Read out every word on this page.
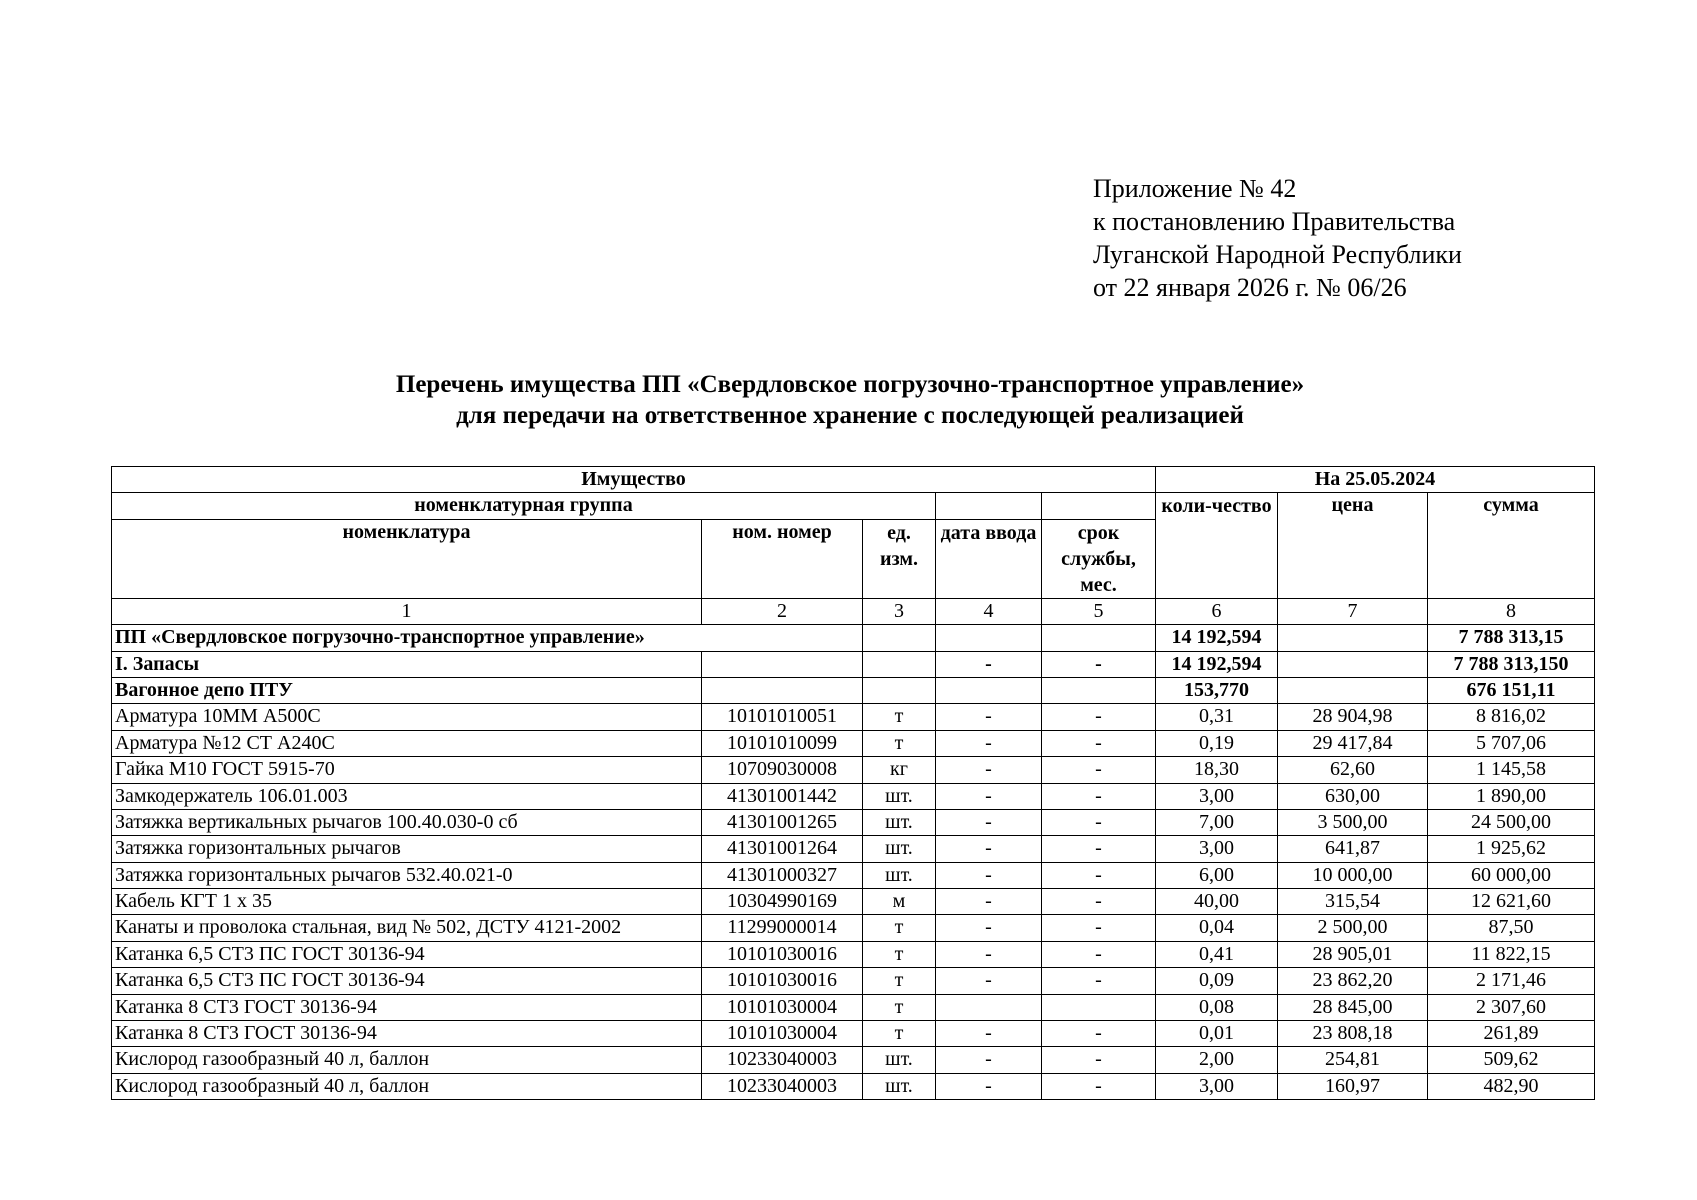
Приложение № 42
к постановлению Правительства
Луганской Народной Республики
от 22 января 2026 г. № 06/26
Перечень имущества ПП «Свердловское погрузочно-транспортное управление»
для передачи на ответственное хранение с последующей реализацией
Имущество					На 25.05.2024		
номенклатурная группа					коли-чество	цена	сумма
номенклатура	ном. номер	ед. изм.	дата ввода	срок службы, мес.			
1	2	3	4	5	6	7	8
ПП «Свердловское погрузочно-транспортное управление»					14 192,594		7 788 313,15
I. Запасы			-	-	14 192,594		7 788 313,150
Вагонное депо ПТУ					153,770		676 151,11
Арматура 10ММ А500С	10101010051	т	-	-	0,31	28 904,98	8 816,02
Арматура №12 СТ А240С	10101010099	т	-	-	0,19	29 417,84	5 707,06
Гайка М10 ГОСТ 5915-70	10709030008	кг	-	-	18,30	62,60	1 145,58
Замкодержатель 106.01.003	41301001442	шт.	-	-	3,00	630,00	1 890,00
Затяжка вертикальных рычагов 100.40.030-0 сб	41301001265	шт.	-	-	7,00	3 500,00	24 500,00
Затяжка горизонтальных рычагов	41301001264	шт.	-	-	3,00	641,87	1 925,62
Затяжка горизонтальных рычагов 532.40.021-0	41301000327	шт.	-	-	6,00	10 000,00	60 000,00
Кабель КГТ 1 х 35	10304990169	м	-	-	40,00	315,54	12 621,60
Канаты и проволока стальная, вид № 502, ДСТУ 4121-2002	11299000014	т	-	-	0,04	2 500,00	87,50
Катанка 6,5 СТ3 ПС ГОСТ 30136-94	10101030016	т	-	-	0,41	28 905,01	11 822,15
Катанка 6,5 СТ3 ПС ГОСТ 30136-94	10101030016	т	-	-	0,09	23 862,20	2 171,46
Катанка 8 СТ3 ГОСТ 30136-94	10101030004	т			0,08	28 845,00	2 307,60
Катанка 8 СТ3 ГОСТ 30136-94	10101030004	т	-	-	0,01	23 808,18	261,89
Кислород газообразный 40 л, баллон	10233040003	шт.	-	-	2,00	254,81	509,62
Кислород газообразный 40 л, баллон	10233040003	шт.	-	-	3,00	160,97	482,90
